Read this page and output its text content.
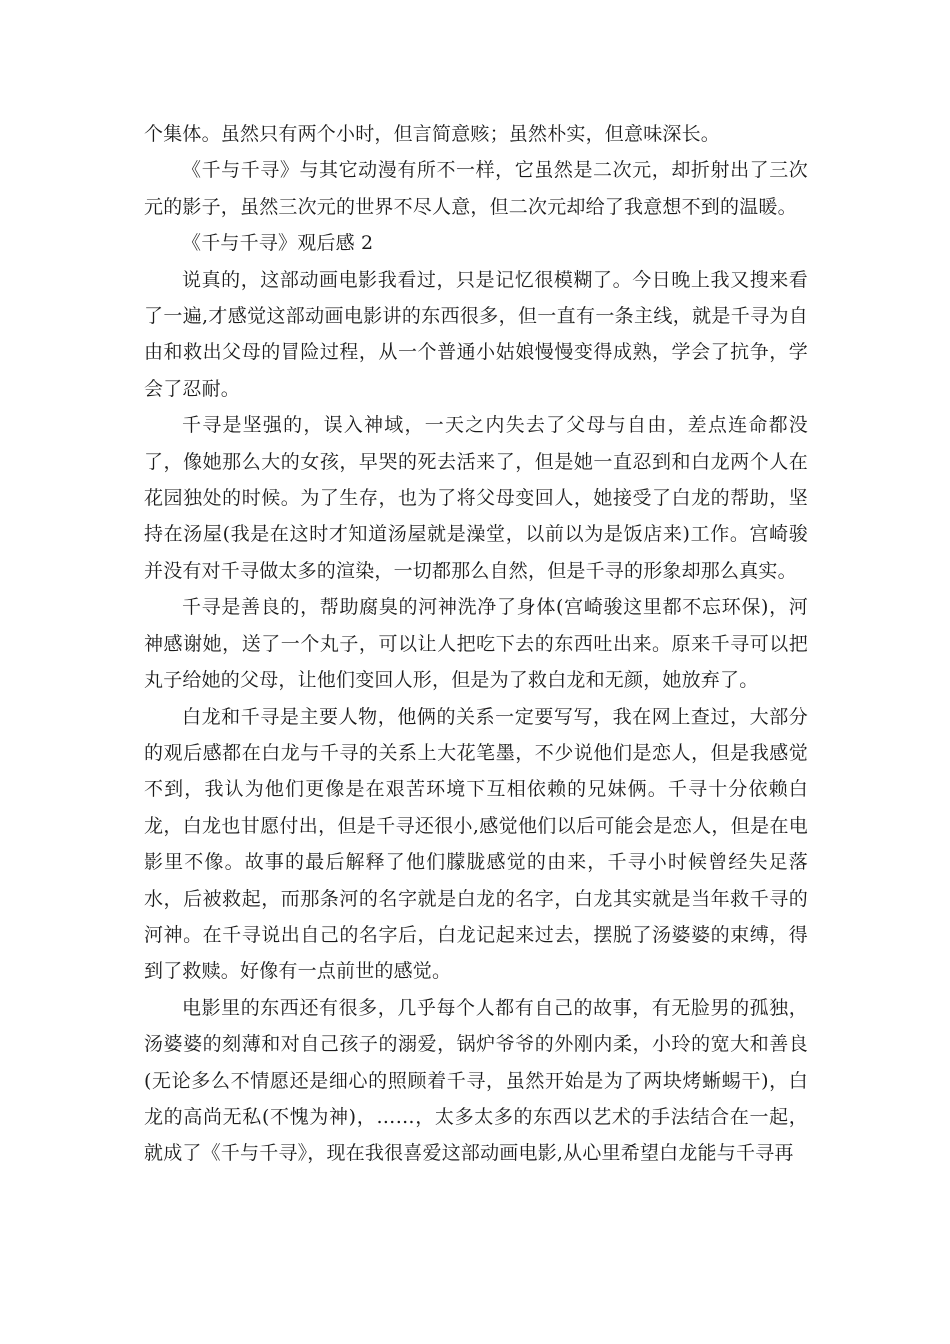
个集体。虽然只有两个小时，但言简意赅；虽然朴实，但意味深长。

《千与千寻》与其它动漫有所不一样，它虽然是二次元，却折射出了三次元的影子，虽然三次元的世界不尽人意，但二次元却给了我意想不到的温暖。

《千与千寻》观后感 2

说真的，这部动画电影我看过，只是记忆很模糊了。今日晚上我又搜来看了一遍,才感觉这部动画电影讲的东西很多，但一直有一条主线，就是千寻为自由和救出父母的冒险过程，从一个普通小姑娘慢慢变得成熟，学会了抗争，学会了忍耐。

千寻是坚强的，误入神域，一天之内失去了父母与自由，差点连命都没了，像她那么大的女孩，早哭的死去活来了，但是她一直忍到和白龙两个人在花园独处的时候。为了生存，也为了将父母变回人，她接受了白龙的帮助，坚持在汤屋(我是在这时才知道汤屋就是澡堂，以前以为是饭店来)工作。宫崎骏并没有对千寻做太多的渲染，一切都那么自然，但是千寻的形象却那么真实。

千寻是善良的，帮助腐臭的河神洗净了身体(宫崎骏这里都不忘环保)，河神感谢她，送了一个丸子，可以让人把吃下去的东西吐出来。原来千寻可以把丸子给她的父母，让他们变回人形，但是为了救白龙和无颜，她放弃了。

白龙和千寻是主要人物，他俩的关系一定要写写，我在网上查过，大部分的观后感都在白龙与千寻的关系上大花笔墨，不少说他们是恋人，但是我感觉不到，我认为他们更像是在艰苦环境下互相依赖的兄妹俩。千寻十分依赖白龙，白龙也甘愿付出，但是千寻还很小,感觉他们以后可能会是恋人，但是在电影里不像。故事的最后解释了他们朦胧感觉的由来，千寻小时候曾经失足落水，后被救起，而那条河的名字就是白龙的名字，白龙其实就是当年救千寻的河神。在千寻说出自己的名字后，白龙记起来过去，摆脱了汤婆婆的束缚，得到了救赎。好像有一点前世的感觉。

电影里的东西还有很多，几乎每个人都有自己的故事，有无脸男的孤独，汤婆婆的刻薄和对自己孩子的溺爱，锅炉爷爷的外刚内柔，小玲的宽大和善良(无论多么不情愿还是细心的照顾着千寻，虽然开始是为了两块烤蜥蜴干)，白龙的高尚无私(不愧为神)，……，太多太多的东西以艺术的手法结合在一起，就成了《千与千寻》，现在我很喜爱这部动画电影,从心里希望白龙能与千寻再
